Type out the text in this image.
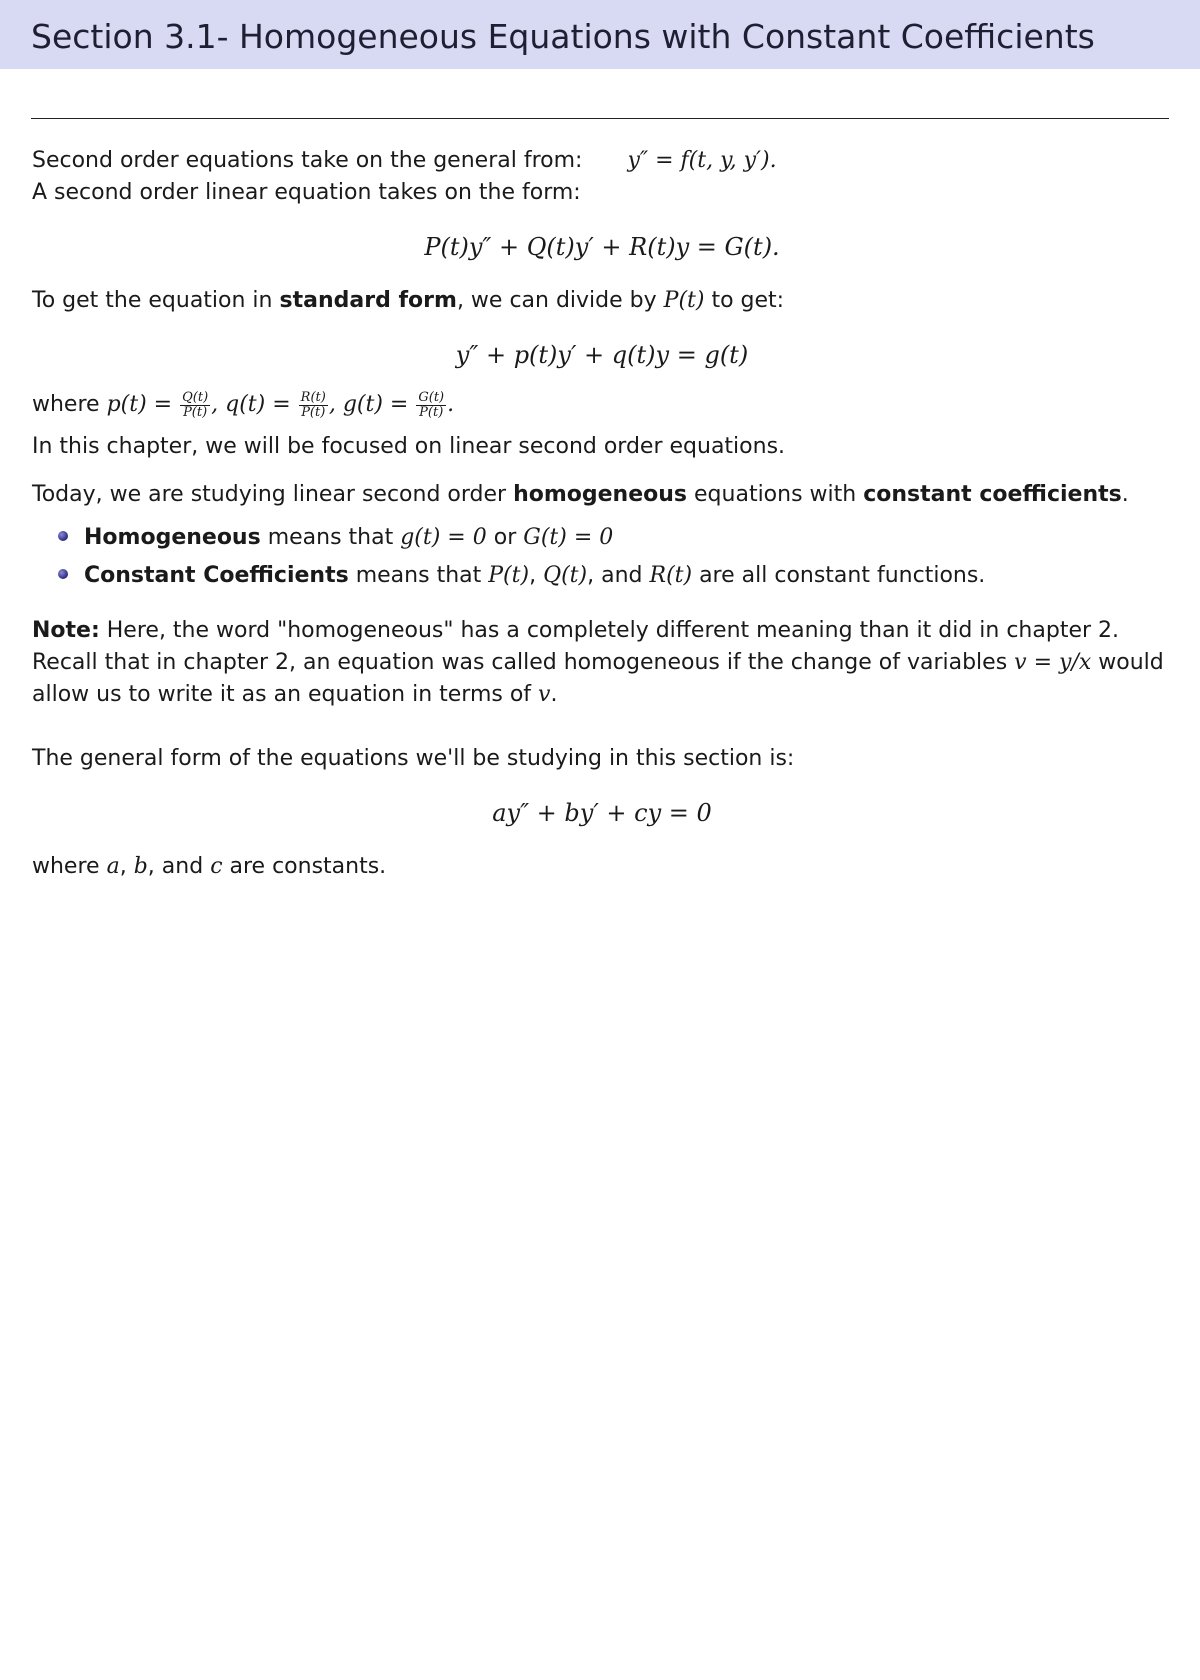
Section 3.1- Homogeneous Equations with Constant Coefficients
Second order equations take on the general from: y″ = f(t, y, y′).
A second order linear equation takes on the form:
P(t)y″ + Q(t)y′ + R(t)y = G(t).
To get the equation in standard form, we can divide by P(t) to get:
y″ + p(t)y′ + q(t)y = g(t)
where $p(t) = \frac{Q(t)}{P(t)}$ , $q(t) = \frac{R(t)}{P(t)}$ , $g(t) = \frac{G(t)}{P(t)}$ .
In this chapter, we will be focused on linear second order equations.
Today, we are studying linear second order homogeneous equations with constant coefficients.
Homogeneous means that g(t) = 0 or G(t) = 0
Constant Coefficients means that P(t), Q(t), and R(t) are all constant functions.
Note: Here, the word "homogeneous" has a completely different meaning than it did in chapter 2.
Recall that in chapter 2, an equation was called homogeneous if the change of variables v = y/x would
allow us to write it as an equation in terms of v.
The general form of the equations we'll be studying in this section is:
ay″ + by′ + cy = 0
where a, b, and c are constants.
